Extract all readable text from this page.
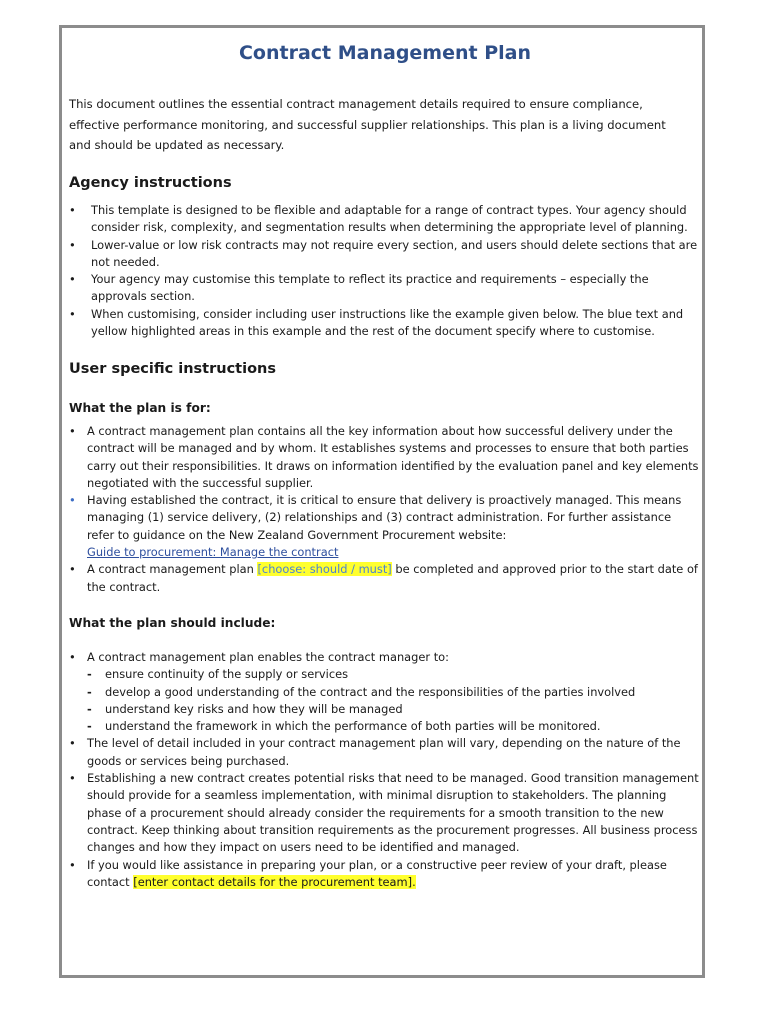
Contract Management Plan
This document outlines the essential contract management details required to ensure compliance, effective performance monitoring, and successful supplier relationships. This plan is a living document and should be updated as necessary.
Agency instructions
• This template is designed to be flexible and adaptable for a range of contract types. Your agency should consider risk, complexity, and segmentation results when determining the appropriate level of planning.
• Lower-value or low risk contracts may not require every section, and users should delete sections that are not needed.
• Your agency may customise this template to reflect its practice and requirements – especially the approvals section.
• When customising, consider including user instructions like the example given below. The blue text and yellow highlighted areas in this example and the rest of the document specify where to customise.
User specific instructions
What the plan is for:
• A contract management plan contains all the key information about how successful delivery under the contract will be managed and by whom. It establishes systems and processes to ensure that both parties carry out their responsibilities. It draws on information identified by the evaluation panel and key elements negotiated with the successful supplier.
• Having established the contract, it is critical to ensure that delivery is proactively managed. This means managing (1) service delivery, (2) relationships and (3) contract administration. For further assistance refer to guidance on the New Zealand Government Procurement website:
Guide to procurement: Manage the contract
• A contract management plan [choose: should / must] be completed and approved prior to the start date of the contract.
What the plan should include:
• A contract management plan enables the contract manager to:
- ensure continuity of the supply or services
- develop a good understanding of the contract and the responsibilities of the parties involved
- understand key risks and how they will be managed
- understand the framework in which the performance of both parties will be monitored.
• The level of detail included in your contract management plan will vary, depending on the nature of the goods or services being purchased.
• Establishing a new contract creates potential risks that need to be managed. Good transition management should provide for a seamless implementation, with minimal disruption to stakeholders. The planning phase of a procurement should already consider the requirements for a smooth transition to the new contract. Keep thinking about transition requirements as the procurement progresses. All business process changes and how they impact on users need to be identified and managed.
• If you would like assistance in preparing your plan, or a constructive peer review of your draft, please contact [enter contact details for the procurement team].
